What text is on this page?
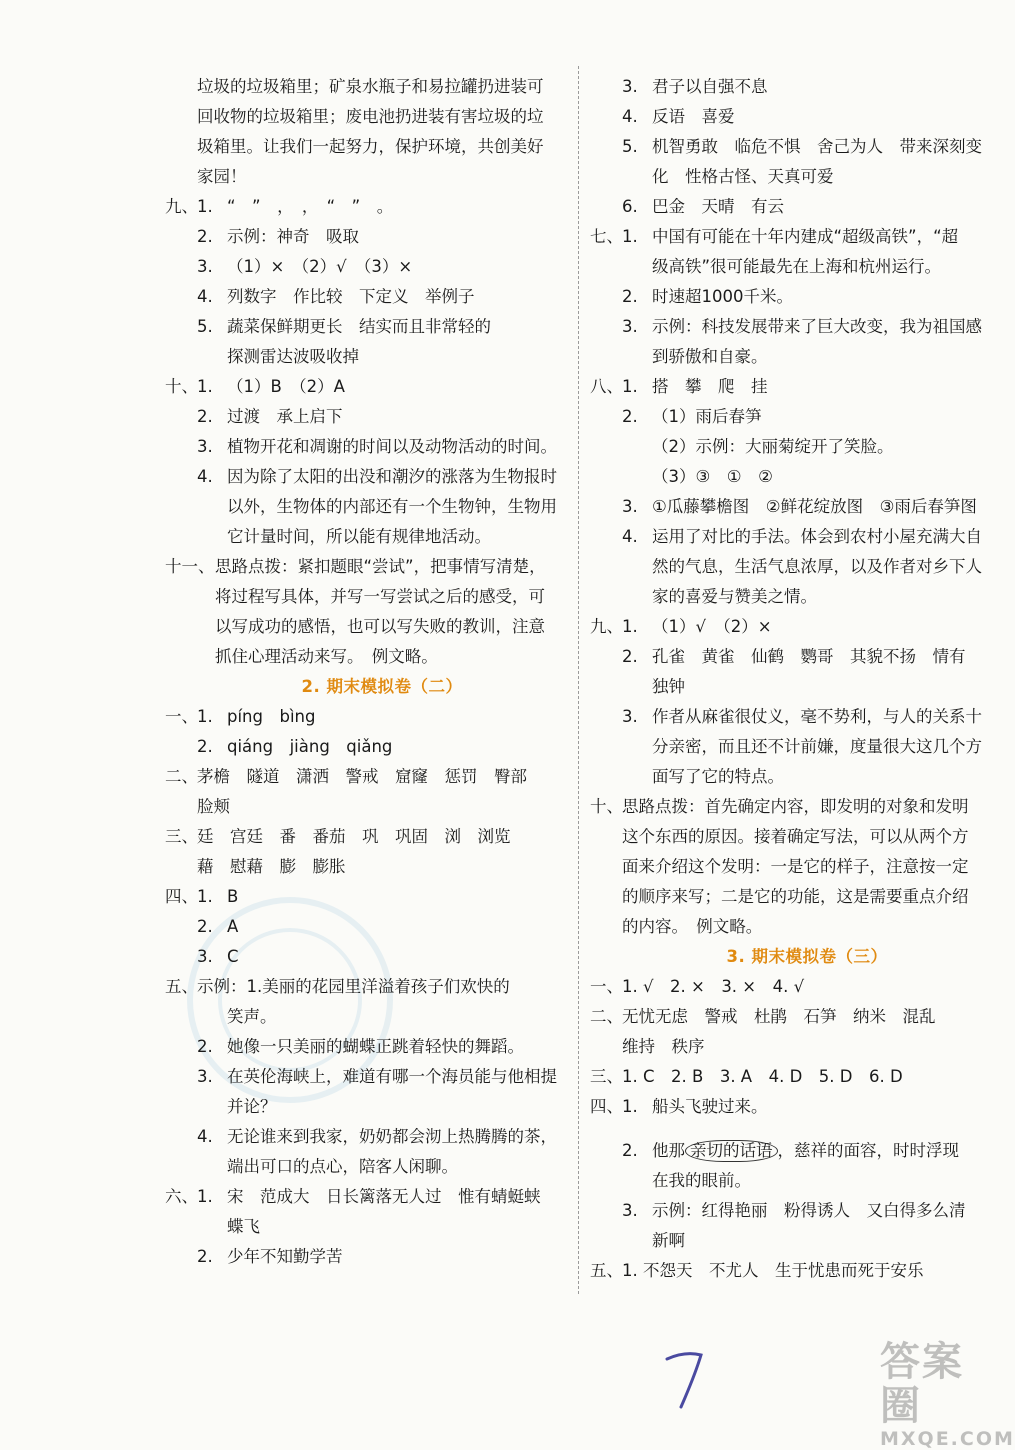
垃圾的垃圾箱里；矿泉水瓶子和易拉罐扔进装可
回收物的垃圾箱里；废电池扔进装有害垃圾的垃
圾箱里。让我们一起努力，保护环境，共创美好
家园！
九、 1. “　”　，　，　“　”　。
2. 示例：神奇　吸取
3. （1）×　（2）√　（3）×
4. 列数字　作比较　下定义　举例子
5. 蔬菜保鲜期更长　结实而且非常轻的
探测雷达波吸收掉
十、 1. （1）B　（2）A
2. 过渡　承上启下
3. 植物开花和凋谢的时间以及动物活动的时间。
4. 因为除了太阳的出没和潮汐的涨落为生物报时
以外，生物体的内部还有一个生物钟，生物用
它计量时间，所以能有规律地活动。
十一、 思路点拨：紧扣题眼“尝试”，把事情写清楚，
将过程写具体，并写一写尝试之后的感受，可
以写成功的感悟，也可以写失败的教训，注意
抓住心理活动来写。　例文略。
2. 期末模拟卷（二）
一、 1. píng　bìng
2. qiáng　jiàng　qiǎng
二、 茅檐　隧道　潇洒　警戒　窟窿　惩罚　臀部
脸颊
三、 廷　宫廷　番　番茄　巩　巩固　浏　浏览
藉　慰藉　膨　膨胀
四、 1. B
2. A
3. C
五、 示例：1.美丽的花园里洋溢着孩子们欢快的
笑声。
2. 她像一只美丽的蝴蝶正跳着轻快的舞蹈。
3. 在英伦海峡上，难道有哪一个海员能与他相提
并论？
4. 无论谁来到我家，奶奶都会沏上热腾腾的茶，
端出可口的点心，陪客人闲聊。
六、 1. 宋　范成大　日长篱落无人过　惟有蜻蜓蛱
蝶飞
2. 少年不知勤学苦
3. 君子以自强不息
4. 反语　喜爱
5. 机智勇敢　临危不惧　舍己为人　带来深刻变
化　性格古怪、天真可爱
6. 巴金　天晴　有云
七、 1. 中国有可能在十年内建成“超级高铁”，“超
级高铁”很可能最先在上海和杭州运行。
2. 时速超1000千米。
3. 示例：科技发展带来了巨大改变，我为祖国感
到骄傲和自豪。
八、 1. 搭　攀　爬　挂
2. （1）雨后春笋
（2）示例：大丽菊绽开了笑脸。
（3）③　①　②
3. ①瓜藤攀檐图　②鲜花绽放图　③雨后春笋图
4. 运用了对比的手法。体会到农村小屋充满大自
然的气息，生活气息浓厚，以及作者对乡下人
家的喜爱与赞美之情。
九、 1. （1）√　（2）×
2. 孔雀　黄雀　仙鹤　鹦哥　其貌不扬　情有
独钟
3. 作者从麻雀很仗义，毫不势利，与人的关系十
分亲密，而且还不计前嫌，度量很大这几个方
面写了它的特点。
十、 思路点拨：首先确定内容，即发明的对象和发明
这个东西的原因。接着确定写法，可以从两个方
面来介绍这个发明：一是它的样子，注意按一定
的顺序来写；二是它的功能，这是需要重点介绍
的内容。　例文略。
3. 期末模拟卷（三）
一、 1. √　2. ×　3. ×　4. √
二、 无忧无虑　警戒　杜鹃　石笋　纳米　混乱
维持　秩序
三、 1. C　2. B　3. A　4. D　5. D　6. D
四、 1. 船头飞驶过来。
2. 他那 亲切的话语 ，慈祥的面容，时时浮现
在我的眼前。
3. 示例：红得艳丽　粉得诱人　又白得多么清
新啊
五、 1. 不怨天　不尤人　生于忧患而死于安乐
答案圈
MXQE.COM
